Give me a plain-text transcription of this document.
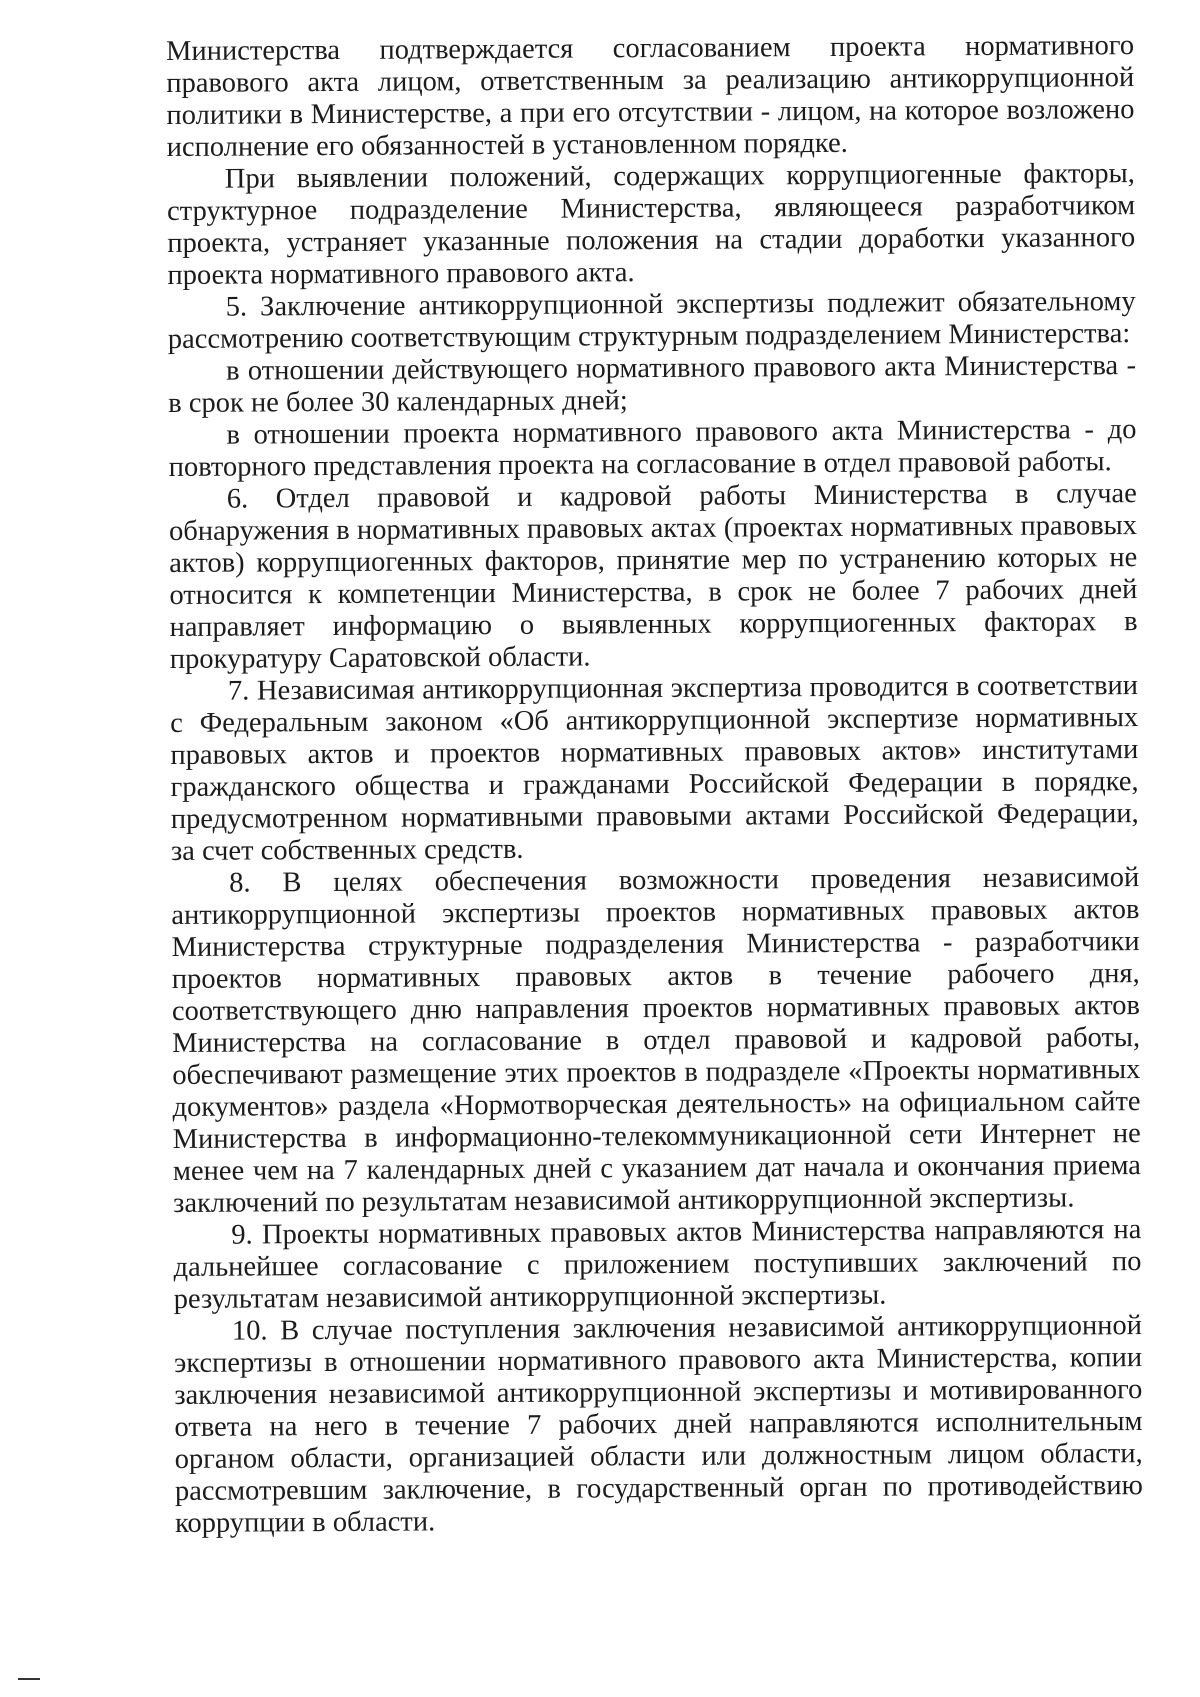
Министерства подтверждается согласованием проекта нормативного правового акта лицом, ответственным за реализацию антикоррупционной политики в Министерстве, а при его отсутствии - лицом, на которое возложено исполнение его обязанностей в установленном порядке.

При выявлении положений, содержащих коррупциогенные факторы, структурное подразделение Министерства, являющееся разработчиком проекта, устраняет указанные положения на стадии доработки указанного проекта нормативного правового акта.

5. Заключение антикоррупционной экспертизы подлежит обязательному рассмотрению соответствующим структурным подразделением Министерства:

в отношении действующего нормативного правового акта Министерства - в срок не более 30 календарных дней;

в отношении проекта нормативного правового акта Министерства - до повторного представления проекта на согласование в отдел правовой работы.

6. Отдел правовой и кадровой работы Министерства в случае обнаружения в нормативных правовых актах (проектах нормативных правовых актов) коррупциогенных факторов, принятие мер по устранению которых не относится к компетенции Министерства, в срок не более 7 рабочих дней направляет информацию о выявленных коррупциогенных факторах в прокуратуру Саратовской области.

7. Независимая антикоррупционная экспертиза проводится в соответствии с Федеральным законом «Об антикоррупционной экспертизе нормативных правовых актов и проектов нормативных правовых актов» институтами гражданского общества и гражданами Российской Федерации в порядке, предусмотренном нормативными правовыми актами Российской Федерации, за счет собственных средств.

8. В целях обеспечения возможности проведения независимой антикоррупционной экспертизы проектов нормативных правовых актов Министерства структурные подразделения Министерства - разработчики проектов нормативных правовых актов в течение рабочего дня, соответствующего дню направления проектов нормативных правовых актов Министерства на согласование в отдел правовой и кадровой работы, обеспечивают размещение этих проектов в подразделе «Проекты нормативных документов» раздела «Нормотворческая деятельность» на официальном сайте Министерства в информационно-телекоммуникационной сети Интернет не менее чем на 7 календарных дней с указанием дат начала и окончания приема заключений по результатам независимой антикоррупционной экспертизы.

9. Проекты нормативных правовых актов Министерства направляются на дальнейшее согласование с приложением поступивших заключений по результатам независимой антикоррупционной экспертизы.

10. В случае поступления заключения независимой антикоррупционной экспертизы в отношении нормативного правового акта Министерства, копии заключения независимой антикоррупционной экспертизы и мотивированного ответа на него в течение 7 рабочих дней направляются исполнительным органом области, организацией области или должностным лицом области, рассмотревшим заключение, в государственный орган по противодействию коррупции в области.
